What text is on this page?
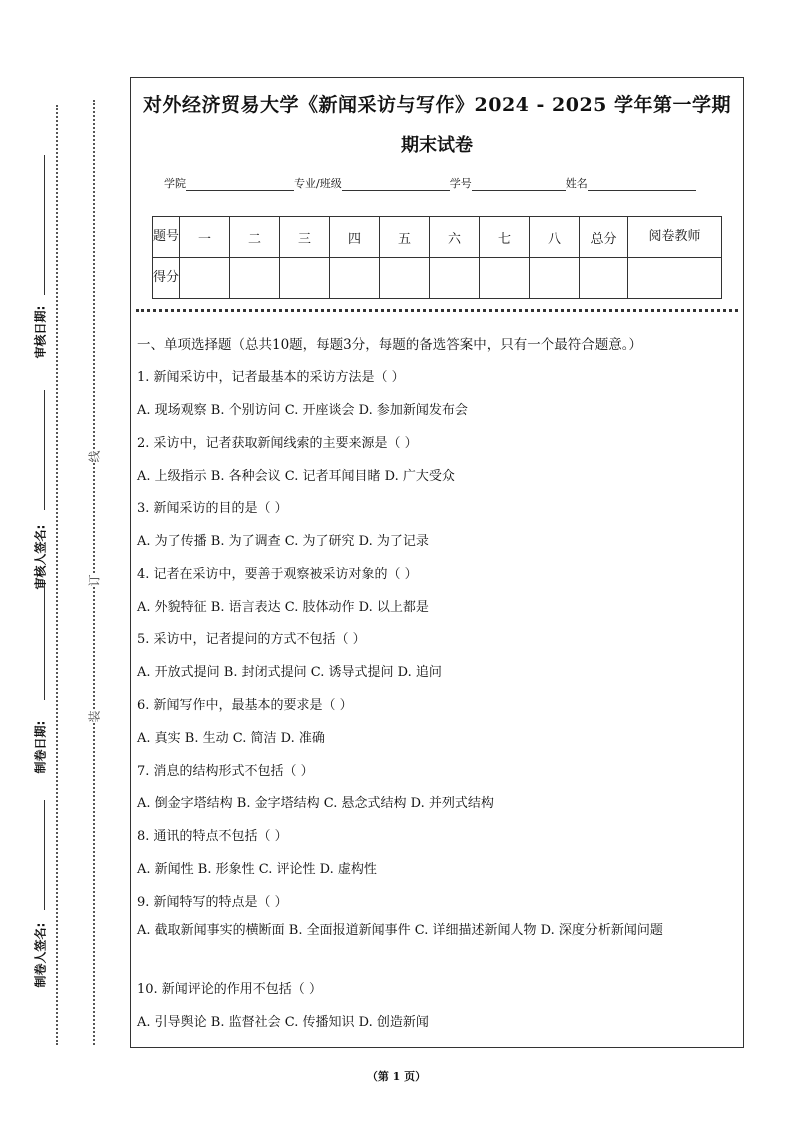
审核日期:
审核人签名:
制卷日期:
制卷人签名:
线
订
装
对外经济贸易大学《新闻采访与写作》2024 - 2025 学年第一学期
期末试卷
学院	专业/班级	学号	姓名
题号	一	二	三	四	五	六	七	八	总分	阅卷教师
得分										
一、单项选择题（总共10题，每题3分，每题的备选答案中，只有一个最符合题意。）
1. 新闻采访中，记者最基本的采访方法是（ ）
A. 现场观察 B. 个别访问 C. 开座谈会 D. 参加新闻发布会
2. 采访中，记者获取新闻线索的主要来源是（ ）
A. 上级指示 B. 各种会议 C. 记者耳闻目睹 D. 广大受众
3. 新闻采访的目的是（ ）
A. 为了传播 B. 为了调查 C. 为了研究 D. 为了记录
4. 记者在采访中，要善于观察被采访对象的（ ）
A. 外貌特征 B. 语言表达 C. 肢体动作 D. 以上都是
5. 采访中，记者提问的方式不包括（ ）
A. 开放式提问 B. 封闭式提问 C. 诱导式提问 D. 追问
6. 新闻写作中，最基本的要求是（ ）
A. 真实 B. 生动 C. 简洁 D. 准确
7. 消息的结构形式不包括（ ）
A. 倒金字塔结构 B. 金字塔结构 C. 悬念式结构 D. 并列式结构
8. 通讯的特点不包括（ ）
A. 新闻性 B. 形象性 C. 评论性 D. 虚构性
9. 新闻特写的特点是（ ）
A. 截取新闻事实的横断面 B. 全面报道新闻事件 C. 详细描述新闻人物 D. 深度分析新闻问题
10. 新闻评论的作用不包括（ ）
A. 引导舆论 B. 监督社会 C. 传播知识 D. 创造新闻
（第 1 页）
